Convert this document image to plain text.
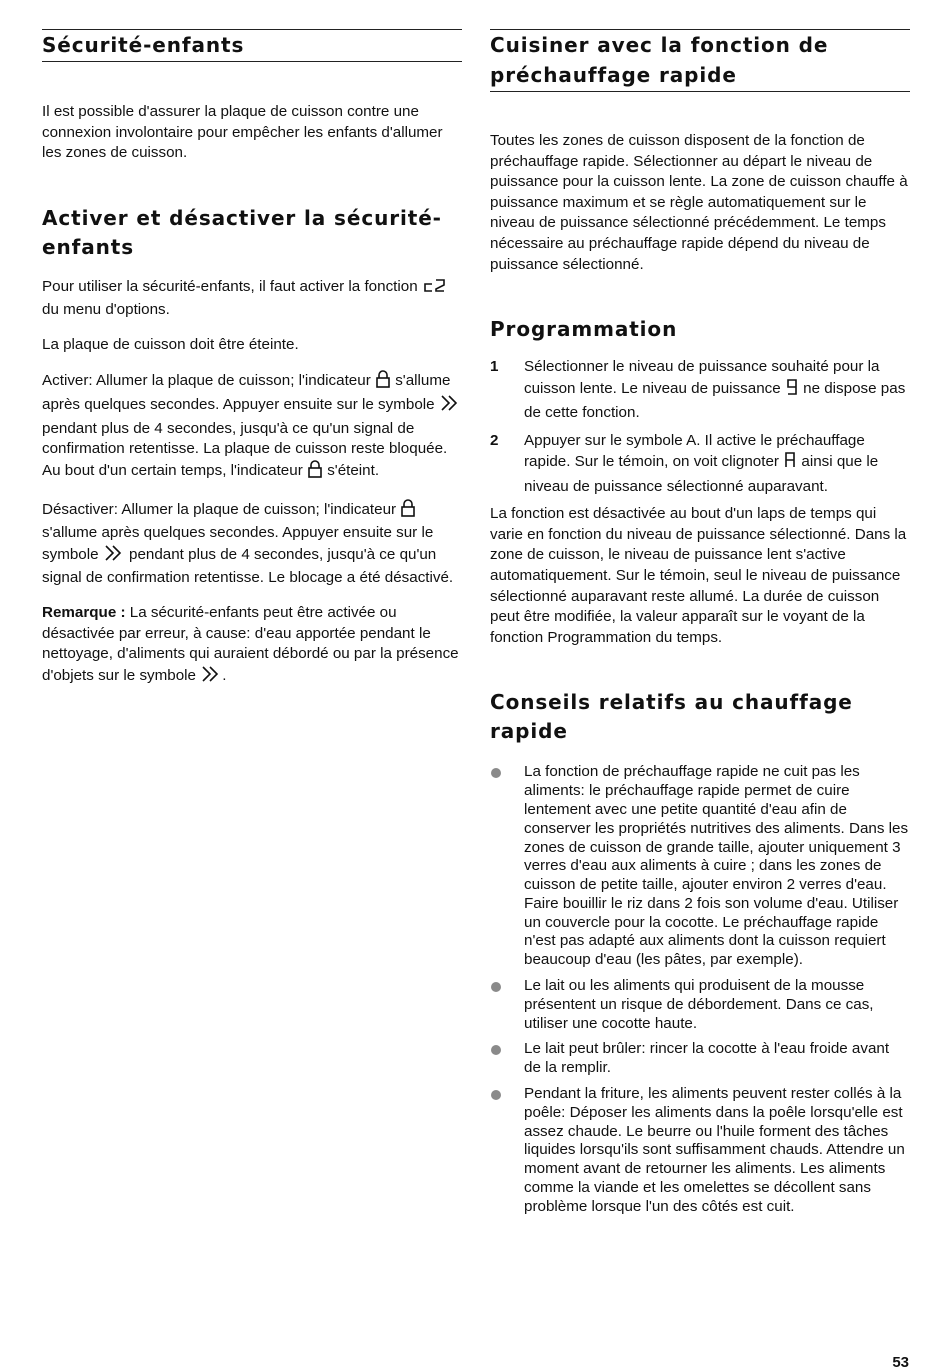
Sécurité-enfants

Il est possible d'assurer la plaque de cuisson contre une connexion involontaire pour empêcher les enfants d'allumer les zones de cuisson.

Activer et désactiver la sécurité-enfants

Pour utiliser la sécurité-enfants, il faut activer la fonction  du menu d'options.

La plaque de cuisson doit être éteinte.

Activer: Allumer la plaque de cuisson; l'indicateur  s'allume après quelques secondes. Appuyer ensuite sur le symbole  pendant plus de 4 secondes, jusqu'à ce qu'un signal de confirmation retentisse. La plaque de cuisson reste bloquée. Au bout d'un certain temps, l'indicateur  s'éteint.

Désactiver: Allumer la plaque de cuisson; l'indicateur  s'allume après quelques secondes. Appuyer ensuite sur le symbole  pendant plus de 4 secondes, jusqu'à ce qu'un signal de confirmation retentisse. Le blocage a été désactivé.

Remarque : La sécurité-enfants peut être activée ou désactivée par erreur, à cause: d'eau apportée pendant le nettoyage, d'aliments qui auraient débordé ou par la présence d'objets sur le symbole .

Cuisiner avec la fonction de préchauffage rapide

Toutes les zones de cuisson disposent de la fonction de préchauffage rapide. Sélectionner au départ le niveau de puissance pour la cuisson lente. La zone de cuisson chauffe à puissance maximum et se règle automatiquement sur le niveau de puissance sélectionné précédemment. Le temps nécessaire au préchauffage rapide dépend du niveau de puissance sélectionné.

Programmation
1 Sélectionner le niveau de puissance souhaité pour la cuisson lente. Le niveau de puissance  ne dispose pas de cette fonction.
2 Appuyer sur le symbole A. Il active le préchauffage rapide. Sur le témoin, on voit clignoter  ainsi que le niveau de puissance sélectionné auparavant.

La fonction est désactivée au bout d'un laps de temps qui varie en fonction du niveau de puissance sélectionné. Dans la zone de cuisson, le niveau de puissance lent s'active automatiquement. Sur le témoin, seul le niveau de puissance sélectionné auparavant reste allumé. La durée de cuisson peut être modifiée, la valeur apparaît sur le voyant de la fonction Programmation du temps.

Conseils relatifs au chauffage rapide
La fonction de préchauffage rapide ne cuit pas les aliments: le préchauffage rapide permet de cuire lentement avec une petite quantité d'eau afin de conserver les propriétés nutritives des aliments. Dans les zones de cuisson de grande taille, ajouter uniquement 3 verres d'eau aux aliments à cuire ; dans les zones de cuisson de petite taille, ajouter environ 2 verres d'eau. Faire bouillir le riz dans 2 fois son volume d'eau. Utiliser un couvercle pour la cocotte. Le préchauffage rapide n'est pas adapté aux aliments dont la cuisson requiert beaucoup d'eau (les pâtes, par exemple).
Le lait ou les aliments qui produisent de la mousse présentent un risque de débordement. Dans ce cas, utiliser une cocotte haute.
Le lait peut brûler: rincer la cocotte à l'eau froide avant de la remplir.
Pendant la friture, les aliments peuvent rester collés à la poêle: Déposer les aliments dans la poêle lorsqu'elle est assez chaude. Le beurre ou l'huile forment des tâches liquides lorsqu'ils sont suffisamment chauds. Attendre un moment avant de retourner les aliments. Les aliments comme la viande et les omelettes se décollent sans problème lorsque l'un des côtés est cuit.
53
